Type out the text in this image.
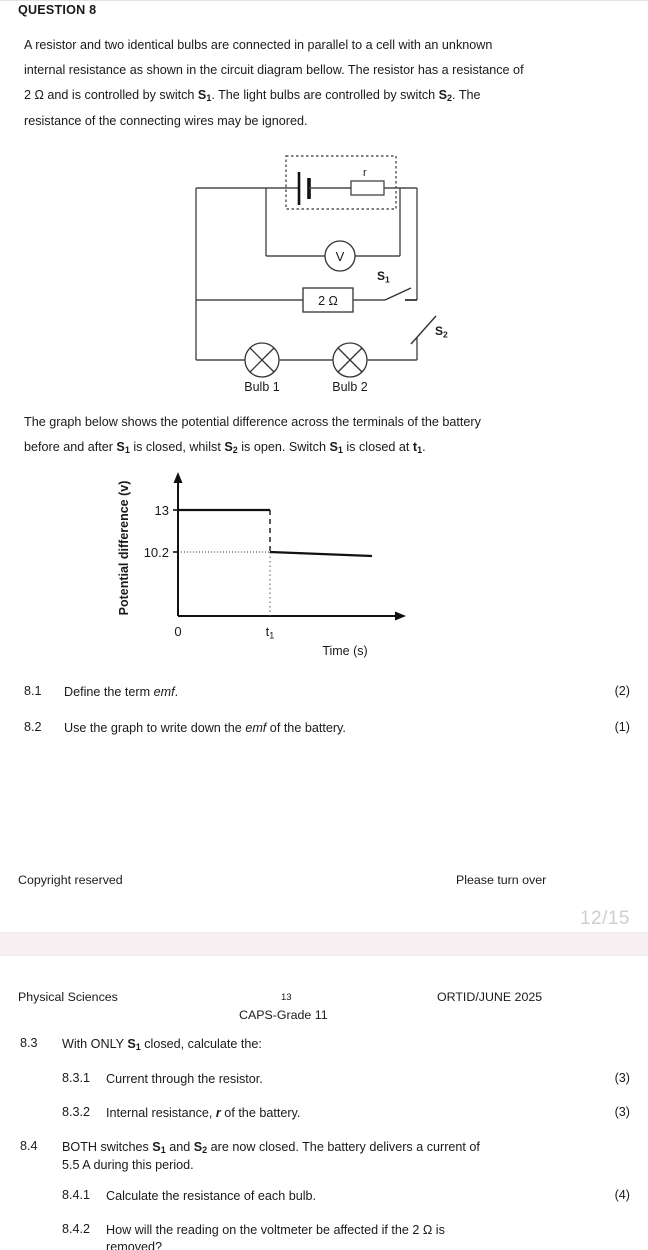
QUESTION 8
A resistor and two identical bulbs are connected in parallel to a cell with an unknown
internal resistance as shown in the circuit diagram bellow. The resistor has a resistance of
2 Ω and is controlled by switch $S_1$. The light bulbs are controlled by switch $S_2$. The
resistance of the connecting wires may be ignored.
r
V
2 Ω
$S_1$
$S_2$
Bulb 1	Bulb 2
The graph below shows the potential difference across the terminals of the battery
before and after $S_1$ is closed, whilst $S_2$ is open. Switch $S_1$ is closed at $t_1$.
Potential difference (v) 13
10.2
0	t1
Time (s)
8.1 Define the term emf.	(2)
8.2 Use the graph to write down the emf of the battery.	(1)
Copyright reserved	Please turn over
12/15
Physical Sciences	13
CAPS-Grade 11
ORTID/JUNE 2025
8.3 With ONLY $S_1$ closed, calculate the:
8.3.1 Current through the resistor.	(3)
8.3.2 Internal resistance, r of the battery.	(3)
8.4 BOTH switches $S_1$ and $S_2$ are now closed. The battery delivers a current of
5.5 A during this period.
8.4.1 Calculate the resistance of each bulb.	(4)
8.4.2 How will the reading on the voltmeter be affected if the 2 Ω is
removed?
